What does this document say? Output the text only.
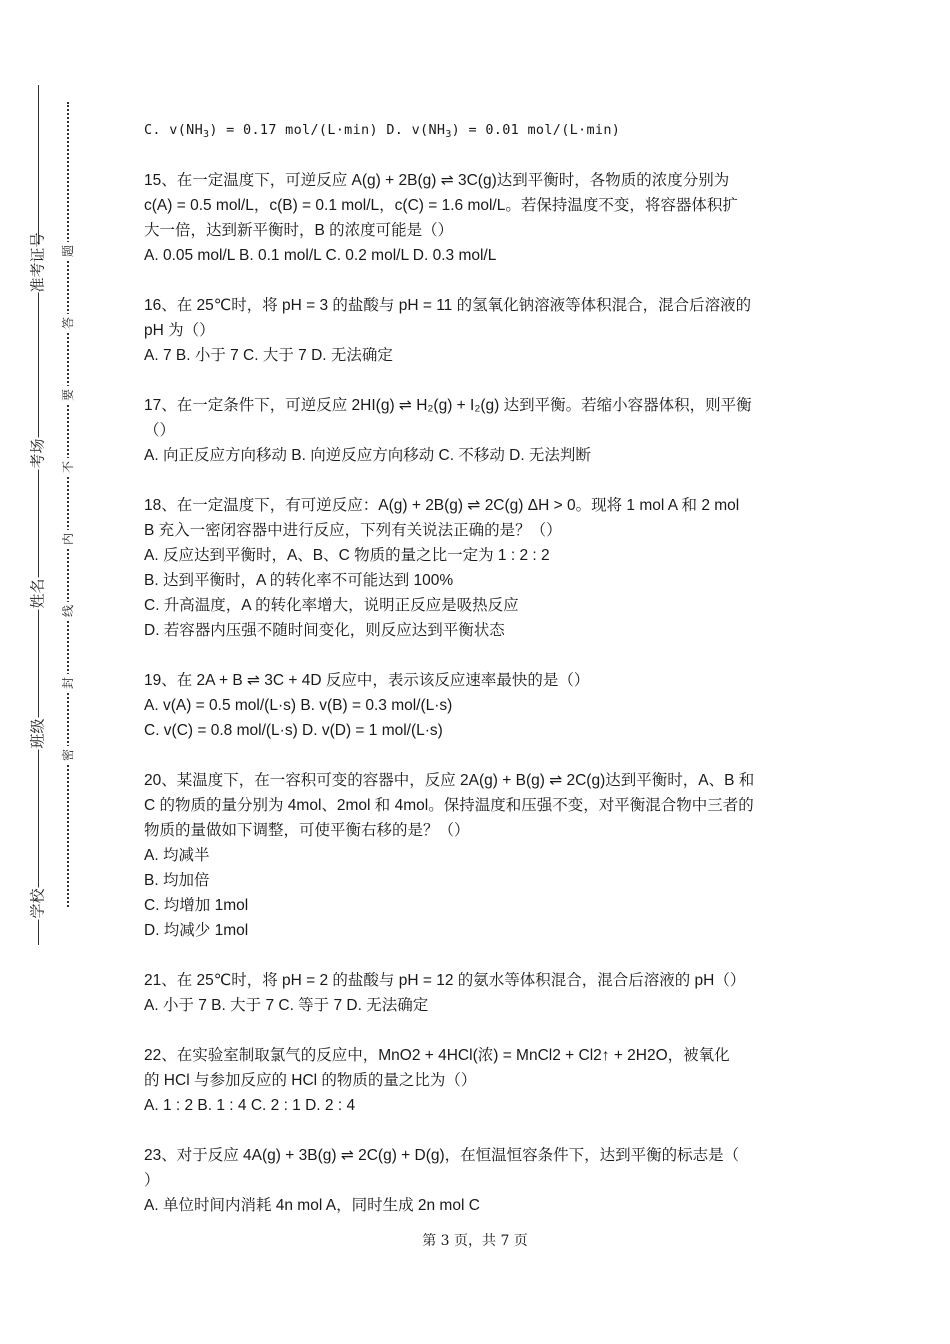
准考证号
考场
姓名
班级
学校
题
答
要
不
内
线
封
密

C. $v(NH_3) = 0.17$ mol/(L·min) D. $v(NH_3) = 0.01$ mol/(L·min)

15、在一定温度下，可逆反应 A(g) + 2B(g) ⇌ 3C(g)达到平衡时，各物质的浓度分别为

c(A) = 0.5 mol/L，c(B) = 0.1 mol/L，c(C) = 1.6 mol/L。若保持温度不变，将容器体积扩

大一倍，达到新平衡时，B 的浓度可能是（）

A. 0.05 mol/L B. 0.1 mol/L C. 0.2 mol/L D. 0.3 mol/L

16、在 25℃时，将 pH = 3 的盐酸与 pH = 11 的氢氧化钠溶液等体积混合，混合后溶液的

pH 为（）

A. 7 B. 小于 7 C. 大于 7 D. 无法确定

17、在一定条件下，可逆反应 2HI(g) ⇌ H₂(g) + I₂(g) 达到平衡。若缩小容器体积，则平衡

（）

A. 向正反应方向移动 B. 向逆反应方向移动 C. 不移动 D. 无法判断

18、在一定温度下，有可逆反应：A(g) + 2B(g) ⇌ 2C(g) ΔH > 0。现将 1 mol A 和 2 mol

B 充入一密闭容器中进行反应，下列有关说法正确的是？（）

A. 反应达到平衡时，A、B、C 物质的量之比一定为 1 : 2 : 2

B. 达到平衡时，A 的转化率不可能达到 100%

C. 升高温度，A 的转化率增大，说明正反应是吸热反应

D. 若容器内压强不随时间变化，则反应达到平衡状态

19、在 2A + B ⇌ 3C + 4D 反应中，表示该反应速率最快的是（）

A. v(A) = 0.5 mol/(L·s) B. v(B) = 0.3 mol/(L·s)

C. v(C) = 0.8 mol/(L·s) D. v(D) = 1 mol/(L·s)

20、某温度下，在一容积可变的容器中，反应 2A(g) + B(g) ⇌ 2C(g)达到平衡时，A、B 和

C 的物质的量分别为 4mol、2mol 和 4mol。保持温度和压强不变，对平衡混合物中三者的

物质的量做如下调整，可使平衡右移的是？（）

A. 均减半

B. 均加倍

C. 均增加 1mol

D. 均减少 1mol

21、在 25℃时，将 pH = 2 的盐酸与 pH = 12 的氨水等体积混合，混合后溶液的 pH（）

A. 小于 7 B. 大于 7 C. 等于 7 D. 无法确定

22、在实验室制取氯气的反应中，MnO2 + 4HCl(浓) = MnCl2 + Cl2↑ + 2H2O，被氧化

的 HCl 与参加反应的 HCl 的物质的量之比为（）

A. 1 : 2 B. 1 : 4 C. 2 : 1 D. 2 : 4

23、对于反应 4A(g) + 3B(g) ⇌ 2C(g) + D(g)，在恒温恒容条件下，达到平衡的标志是（

）

A. 单位时间内消耗 4n mol A，同时生成 2n mol C

第 3 页，共 7 页
